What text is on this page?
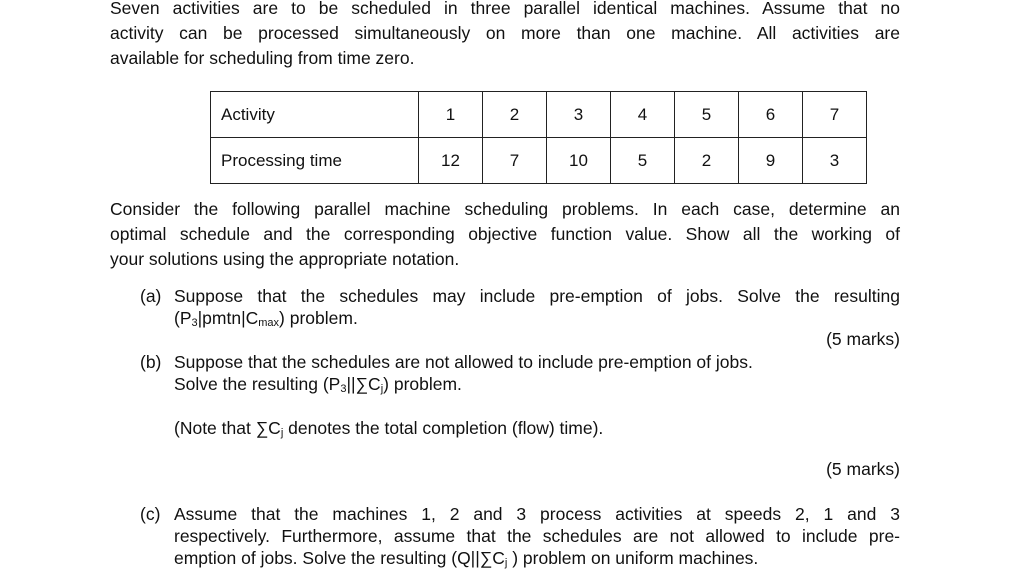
Seven activities are to be scheduled in three parallel identical machines. Assume that no
activity can be processed simultaneously on more than one machine. All activities are
available for scheduling from time zero.
Activity	1	2	3	4	5	6	7
Processing time	12	7	10	5	2	9	3
Consider the following parallel machine scheduling problems. In each case, determine an
optimal schedule and the corresponding objective function value. Show all the working of
your solutions using the appropriate notation.
(a) Suppose that the schedules may include pre-emption of jobs. Solve the resulting
$(P_3|pmtn|C_{max})$ problem.
(5 marks)
(b) Suppose that the schedules are not allowed to include pre-emption of jobs.
Solve the resulting $(P_3||\sum C_j)$ problem.
(Note that $\sum C_j$ denotes the total completion (flow) time).
(5 marks)
(c) Assume that the machines 1, 2 and 3 process activities at speeds 2, 1 and 3
respectively. Furthermore, assume that the schedules are not allowed to include pre-
emption of jobs. Solve the resulting ($Q||\sum C_j$ ) problem on uniform machines.
